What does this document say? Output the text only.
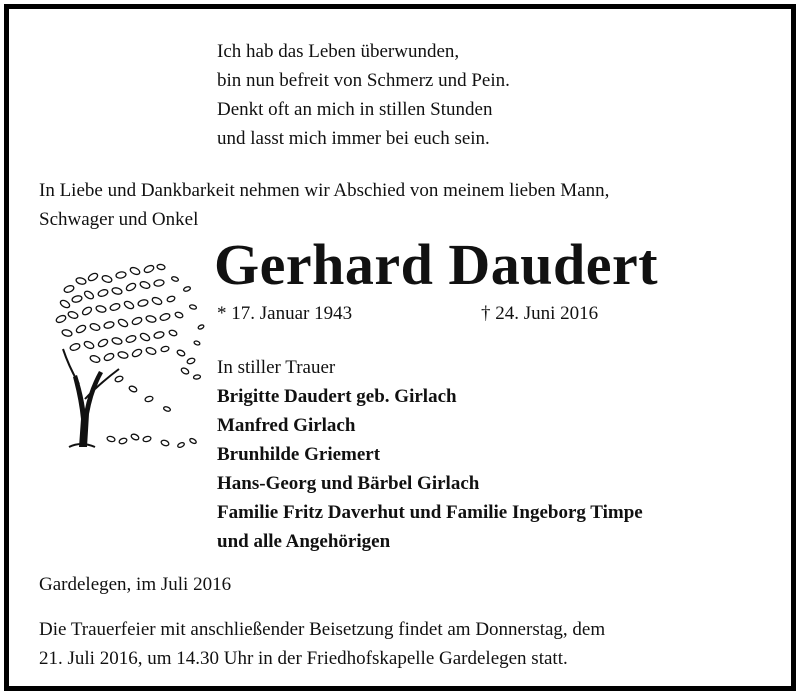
Ich hab das Leben überwunden,
bin nun befreit von Schmerz und Pein.
Denkt oft an mich in stillen Stunden
und lasst mich immer bei euch sein.
In Liebe und Dankbarkeit nehmen wir Abschied von meinem lieben Mann,
Schwager und Onkel
Gerhard Daudert
* 17. Januar 1943	† 24. Juni 2016
In stiller Trauer
Brigitte Daudert geb. Girlach
Manfred Girlach
Brunhilde Griemert
Hans-Georg und Bärbel Girlach
Familie Fritz Daverhut und Familie Ingeborg Timpe
und alle Angehörigen
Gardelegen, im Juli 2016
Die Trauerfeier mit anschließender Beisetzung findet am Donnerstag, dem
21. Juli 2016, um 14.30 Uhr in der Friedhofskapelle Gardelegen statt.
